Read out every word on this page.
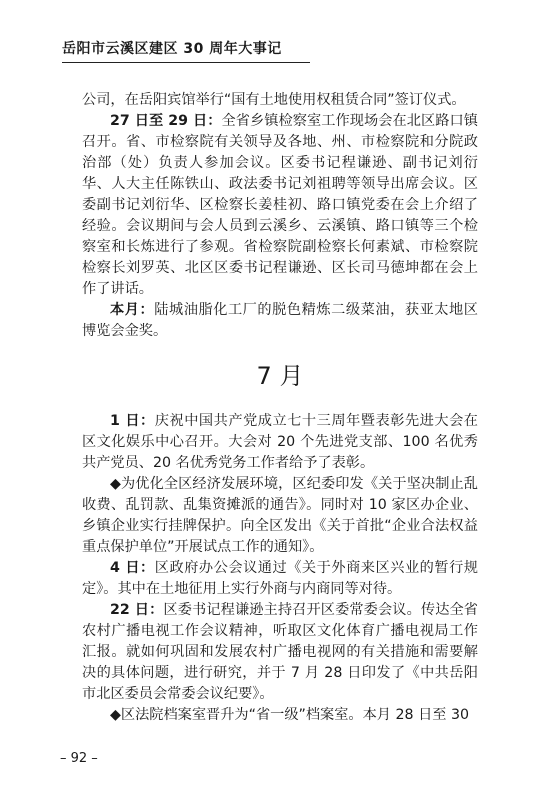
岳阳市云溪区建区 30 周年大事记

公司，在岳阳宾馆举行“国有土地使用权租赁合同”签订仪式。

27 日至 29 日：全省乡镇检察室工作现场会在北区路口镇召开。省、市检察院有关领导及各地、州、市检察院和分院政治部（处）负责人参加会议。区委书记程谦逊、副书记刘衍华、人大主任陈铁山、政法委书记刘祖聘等领导出席会议。区委副书记刘衍华、区检察长姜桂初、路口镇党委在会上介绍了经验。会议期间与会人员到云溪乡、云溪镇、路口镇等三个检察室和长炼进行了参观。省检察院副检察长何素斌、市检察院检察长刘罗英、北区区委书记程谦逊、区长司马德坤都在会上作了讲话。

本月：陆城油脂化工厂的脱色精炼二级菜油，获亚太地区博览会金奖。

7 月

1 日：庆祝中国共产党成立七十三周年暨表彰先进大会在区文化娱乐中心召开。大会对 20 个先进党支部、100 名优秀共产党员、20 名优秀党务工作者给予了表彰。

◆为优化全区经济发展环境，区纪委印发《关于坚决制止乱收费、乱罚款、乱集资摊派的通告》。同时对 10 家区办企业、乡镇企业实行挂牌保护。向全区发出《关于首批“企业合法权益重点保护单位”开展试点工作的通知》。

4 日：区政府办公会议通过《关于外商来区兴业的暂行规定》。其中在土地征用上实行外商与内商同等对待。

22 日：区委书记程谦逊主持召开区委常委会议。传达全省农村广播电视工作会议精神，听取区文化体育广播电视局工作汇报。就如何巩固和发展农村广播电视网的有关措施和需要解决的具体问题，进行研究，并于 7 月 28 日印发了《中共岳阳市北区委员会常委会议纪要》。

◆区法院档案室晋升为“省一级”档案室。本月 28 日至 30

– 92 –
